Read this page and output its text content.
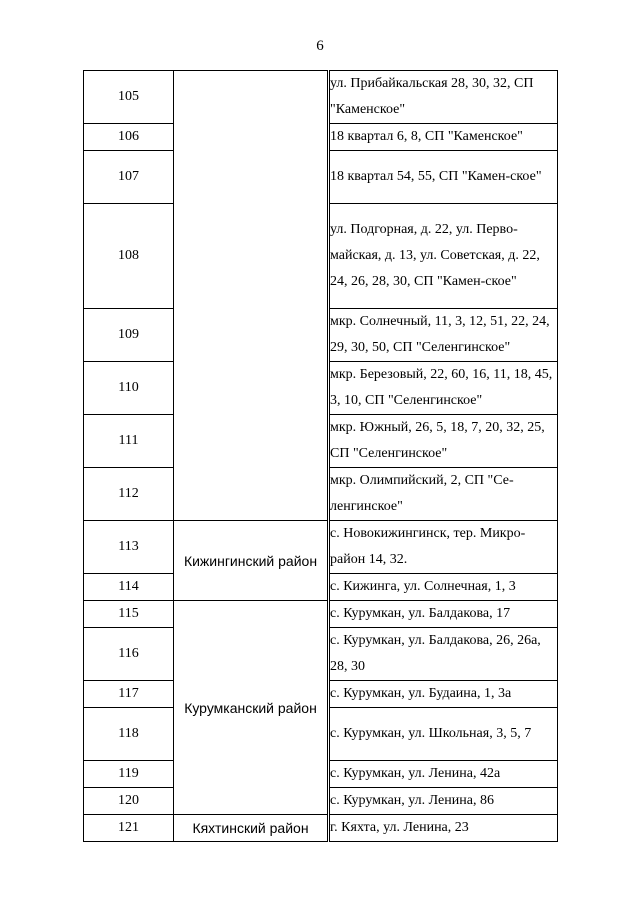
6
105		ул. Прибайкальская 28, 30, 32, СП "Каменское"
106		18 квартал 6, 8, СП "Каменское"
107		18 квартал 54, 55, СП "Камен-ское"
108		ул. Подгорная, д. 22, ул. Перво-майская, д. 13, ул. Советская, д. 22, 24, 26, 28, 30, СП "Камен-ское"
109		мкр. Солнечный, 11, 3, 12, 51, 22, 24, 29, 30, 50, СП "Селенгинское"
110		мкр. Березовый, 22, 60, 16, 11, 18, 45, 3, 10, СП "Селенгинское"
111		мкр. Южный, 26, 5, 18, 7, 20, 32, 25, СП "Селенгинское"
112		мкр. Олимпийский, 2, СП "Се-ленгинское"
113	Кижингинский район	с. Новокижингинск, тер. Микро-район 14, 32.
114		с. Кижинга, ул. Солнечная, 1, 3
115	Курумканский район	с. Курумкан, ул. Балдакова, 17
116		с. Курумкан, ул. Балдакова, 26, 26а, 28, 30
117		с. Курумкан, ул. Будаина, 1, 3а
118		с. Курумкан, ул. Школьная, 3, 5, 7
119		с. Курумкан, ул. Ленина, 42а
120		с. Курумкан, ул. Ленина, 86
121	Кяхтинский район	г. Кяхта, ул. Ленина, 23
